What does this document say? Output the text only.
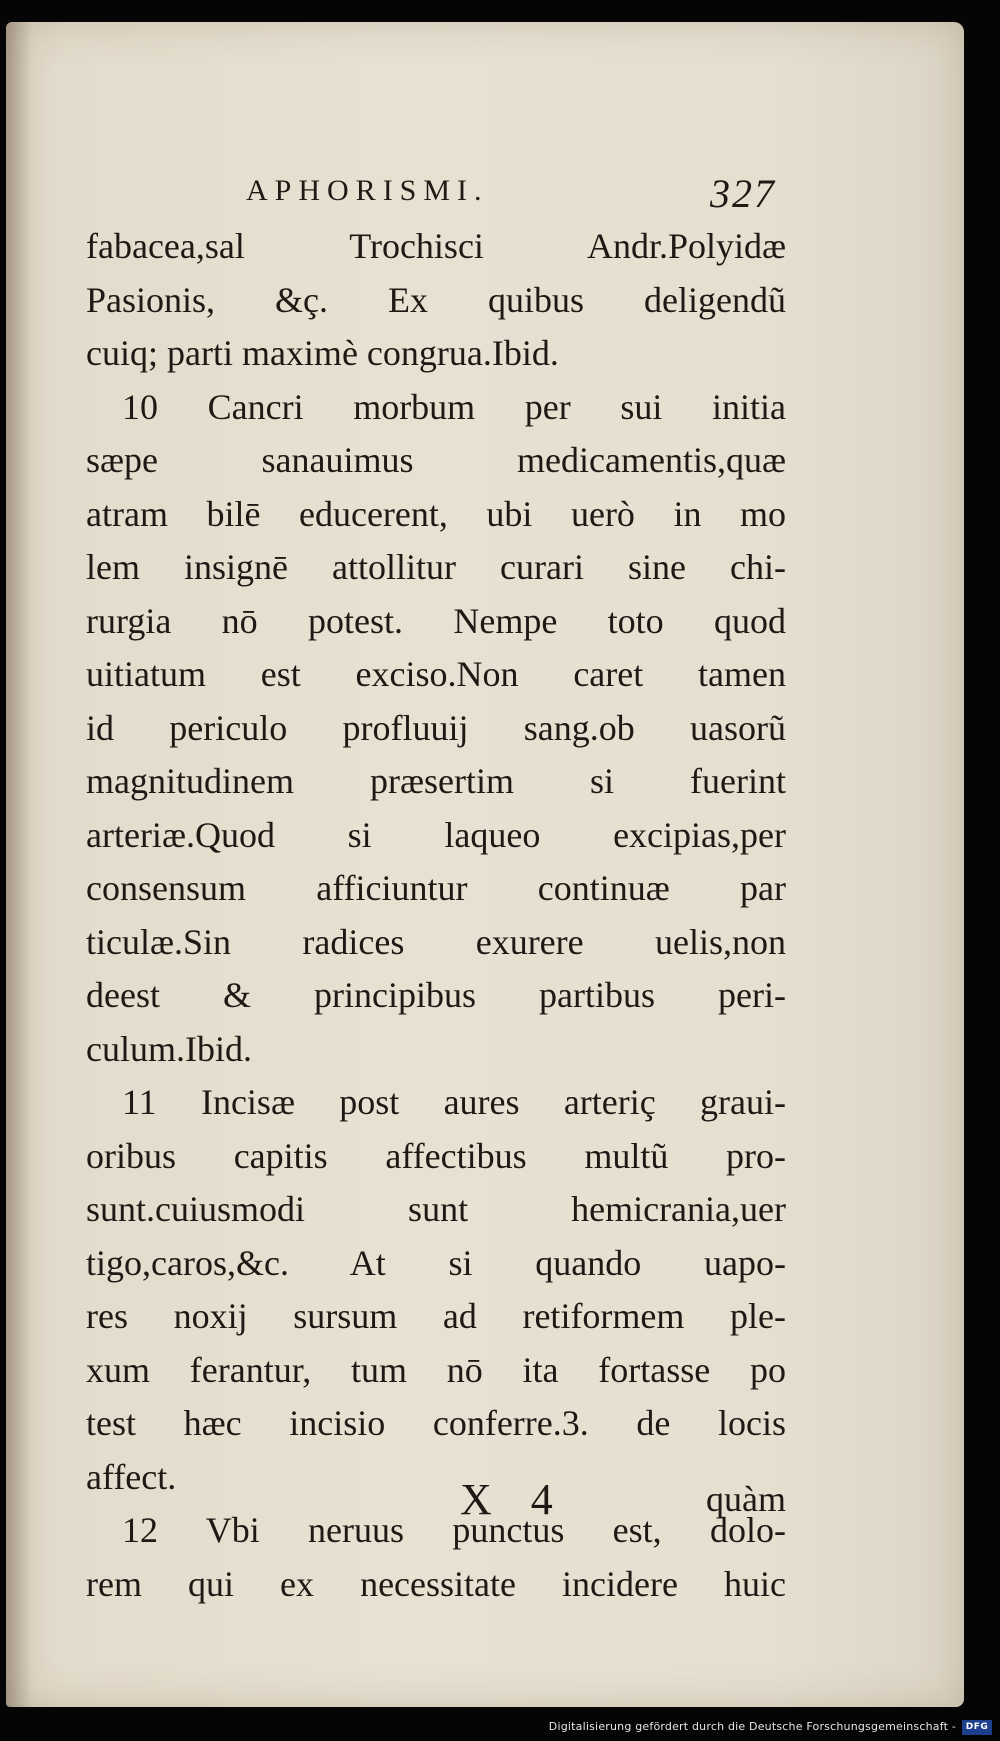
APHORISMI.	327
fabacea,sal Trochisci Andr.Polyidæ
Pasionis, &ç. Ex quibus deligendũ
cuiq; parti maximè congrua.Ibid.
10 Cancri morbum per sui initia
sæpe sanauimus medicamentis,quæ
atram bilē educerent, ubi uerò in mo
lem insignē attollitur curari sine chi-
rurgia nō potest. Nempe toto quod
uitiatum est exciso.Non caret tamen
id periculo profluuij sang.ob uasorũ
magnitudinem præsertim si fuerint
arteriæ.Quod si laqueo excipias,per
consensum afficiuntur continuæ par
ticulæ.Sin radices exurere uelis,non
deest & principibus partibus peri-
culum.Ibid.
11 Incisæ post aures arteriç graui-
oribus capitis affectibus multũ pro-
sunt.cuiusmodi sunt hemicrania,uer
tigo,caros,&c. At si quando uapo-
res noxij sursum ad retiformem ple-
xum ferantur, tum nō ita fortasse po
test hæc incisio conferre.3. de locis
affect.
12 Vbi neruus punctus est, dolo-
rem qui ex necessitate incidere huic
X 4	quàm
Digitalisierung gefördert durch die Deutsche Forschungsgemeinschaft -	DFG
